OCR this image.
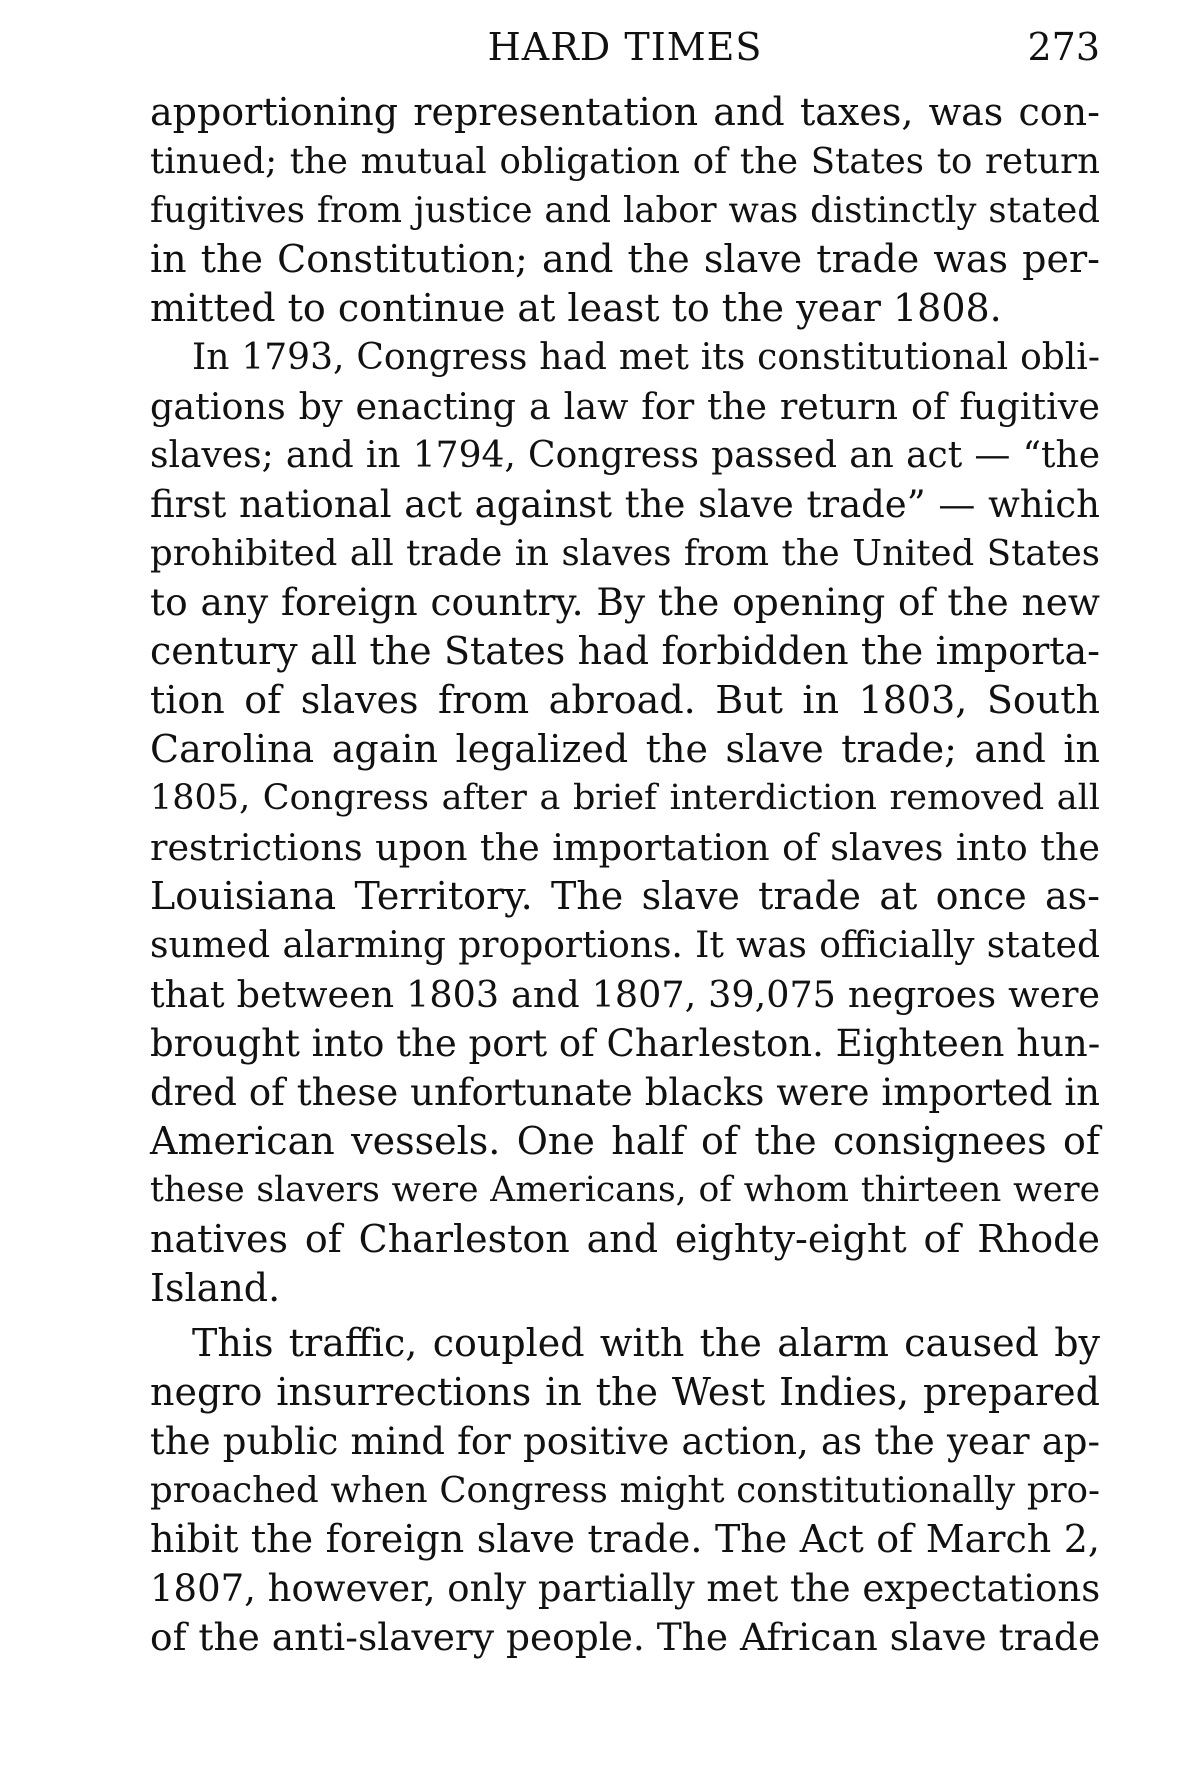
HARD TIMES	273
apportioning representation and taxes, was con-
tinued; the mutual obligation of the States to return
fugitives from justice and labor was distinctly stated
in the Constitution; and the slave trade was per-
mitted to continue at least to the year 1808.
In 1793, Congress had met its constitutional obli-
gations by enacting a law for the return of fugitive
slaves; and in 1794, Congress passed an act — “the
first national act against the slave trade” — which
prohibited all trade in slaves from the United States
to any foreign country. By the opening of the new
century all the States had forbidden the importa-
tion of slaves from abroad. But in 1803, South
Carolina again legalized the slave trade; and in
1805, Congress after a brief interdiction removed all
restrictions upon the importation of slaves into the
Louisiana Territory. The slave trade at once as-
sumed alarming proportions. It was officially stated
that between 1803 and 1807, 39,075 negroes were
brought into the port of Charleston. Eighteen hun-
dred of these unfortunate blacks were imported in
American vessels. One half of the consignees of
these slavers were Americans, of whom thirteen were
natives of Charleston and eighty-eight of Rhode
Island.
This traffic, coupled with the alarm caused by
negro insurrections in the West Indies, prepared
the public mind for positive action, as the year ap-
proached when Congress might constitutionally pro-
hibit the foreign slave trade. The Act of March 2,
1807, however, only partially met the expectations
of the anti-slavery people. The African slave trade
